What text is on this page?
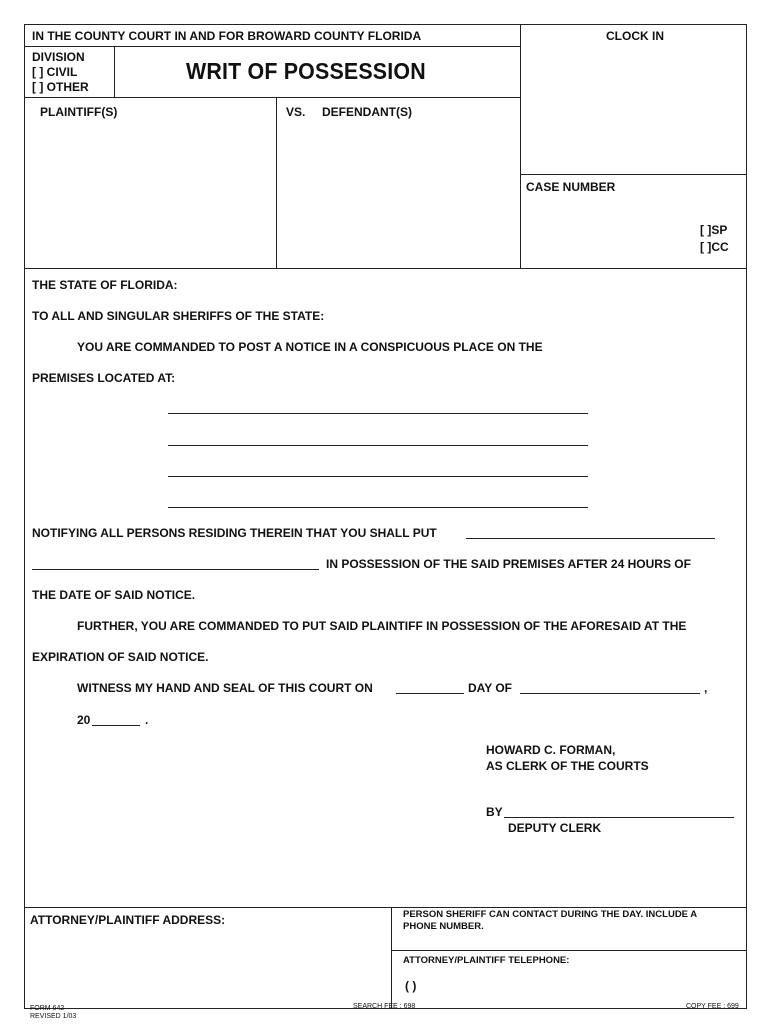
IN THE COUNTY COURT IN AND FOR BROWARD COUNTY FLORIDA	CLOCK IN
DIVISION
[ ] CIVIL
[ ] OTHER
WRIT OF POSSESSION
PLAINTIFF(S)	VS. DEFENDANT(S)
CASE NUMBER
[ ]SP
[ ]CC
THE STATE OF FLORIDA:
TO ALL AND SINGULAR SHERIFFS OF THE STATE:
YOU ARE COMMANDED TO POST A NOTICE IN A CONSPICUOUS PLACE ON THE
PREMISES LOCATED AT:
NOTIFYING ALL PERSONS RESIDING THEREIN THAT YOU SHALL PUT
IN POSSESSION OF THE SAID PREMISES AFTER 24 HOURS OF
THE DATE OF SAID NOTICE.
FURTHER, YOU ARE COMMANDED TO PUT SAID PLAINTIFF IN POSSESSION OF THE AFORESAID AT THE
EXPIRATION OF SAID NOTICE.
WITNESS MY HAND AND SEAL OF THIS COURT ON	DAY OF	,
20	.
HOWARD C. FORMAN,
AS CLERK OF THE COURTS
BY
DEPUTY CLERK
ATTORNEY/PLAINTIFF ADDRESS:	PERSON SHERIFF CAN CONTACT DURING THE DAY. INCLUDE A
PHONE NUMBER.
ATTORNEY/PLAINTIFF TELEPHONE:
( )
FORM 642
REVISED 1/03
SEARCH FEE : 698	COPY FEE : 699
